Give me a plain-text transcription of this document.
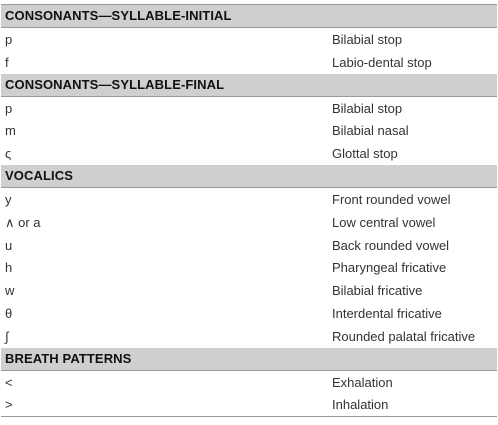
CONSONANTS—SYLLABLE-INITIAL
p	Bilabial stop
f	Labio-dental stop
CONSONANTS—SYLLABLE-FINAL
p	Bilabial stop
m	Bilabial nasal
ς	Glottal stop
VOCALICS
y	Front rounded vowel
∧ or a	Low central vowel
u	Back rounded vowel
h	Pharyngeal fricative
w	Bilabial fricative
θ	Interdental fricative
∫	Rounded palatal fricative
BREATH PATTERNS
<	Exhalation
>	Inhalation
